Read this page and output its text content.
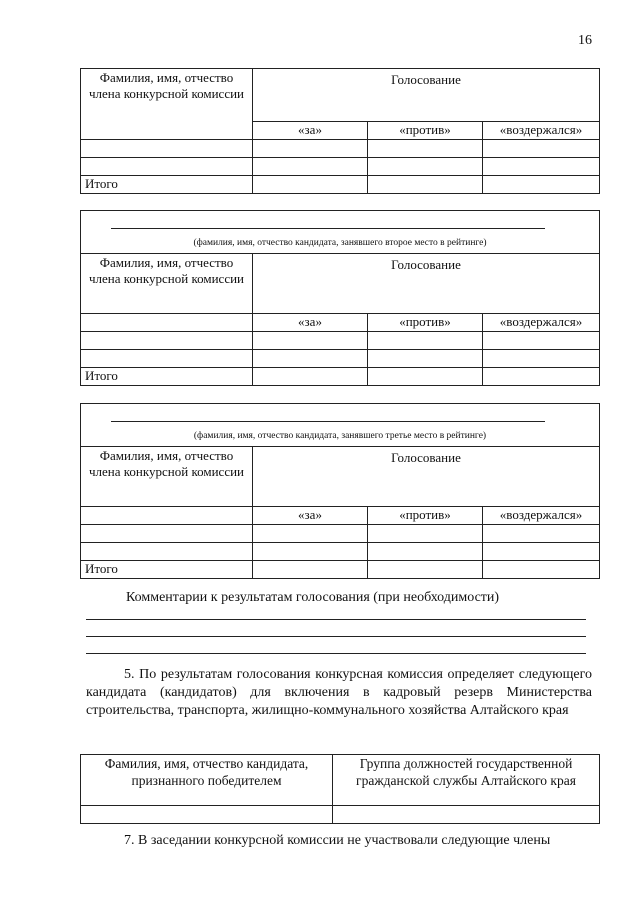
16
Фамилия, имя, отчество члена конкурсной комиссии	Голосование		
	«за»	«против»	«воздержался»

Итого			
(фамилия, имя, отчество кандидата, занявшего второе место в рейтинге)			

Фамилия, имя, отчество члена конкурсной комиссии	Голосование		
	«за»	«против»	«воздержался»

Итого			
(фамилия, имя, отчество кандидата, занявшего третье место в рейтинге)			

Фамилия, имя, отчество члена конкурсной комиссии	Голосование		
	«за»	«против»	«воздержался»

Итого			
Комментарии к результатам голосования (при необходимости)
5. По результатам голосования конкурсная комиссия определяет следующего кандидата (кандидатов) для включения в кадровый резерв Министерства строительства, транспорта, жилищно-коммунального хозяйства Алтайского края
Фамилия, имя, отчество кандидата, признанного победителем	Группа должностей государственной гражданской службы Алтайского края

7. В заседании конкурсной комиссии не участвовали следующие члены
